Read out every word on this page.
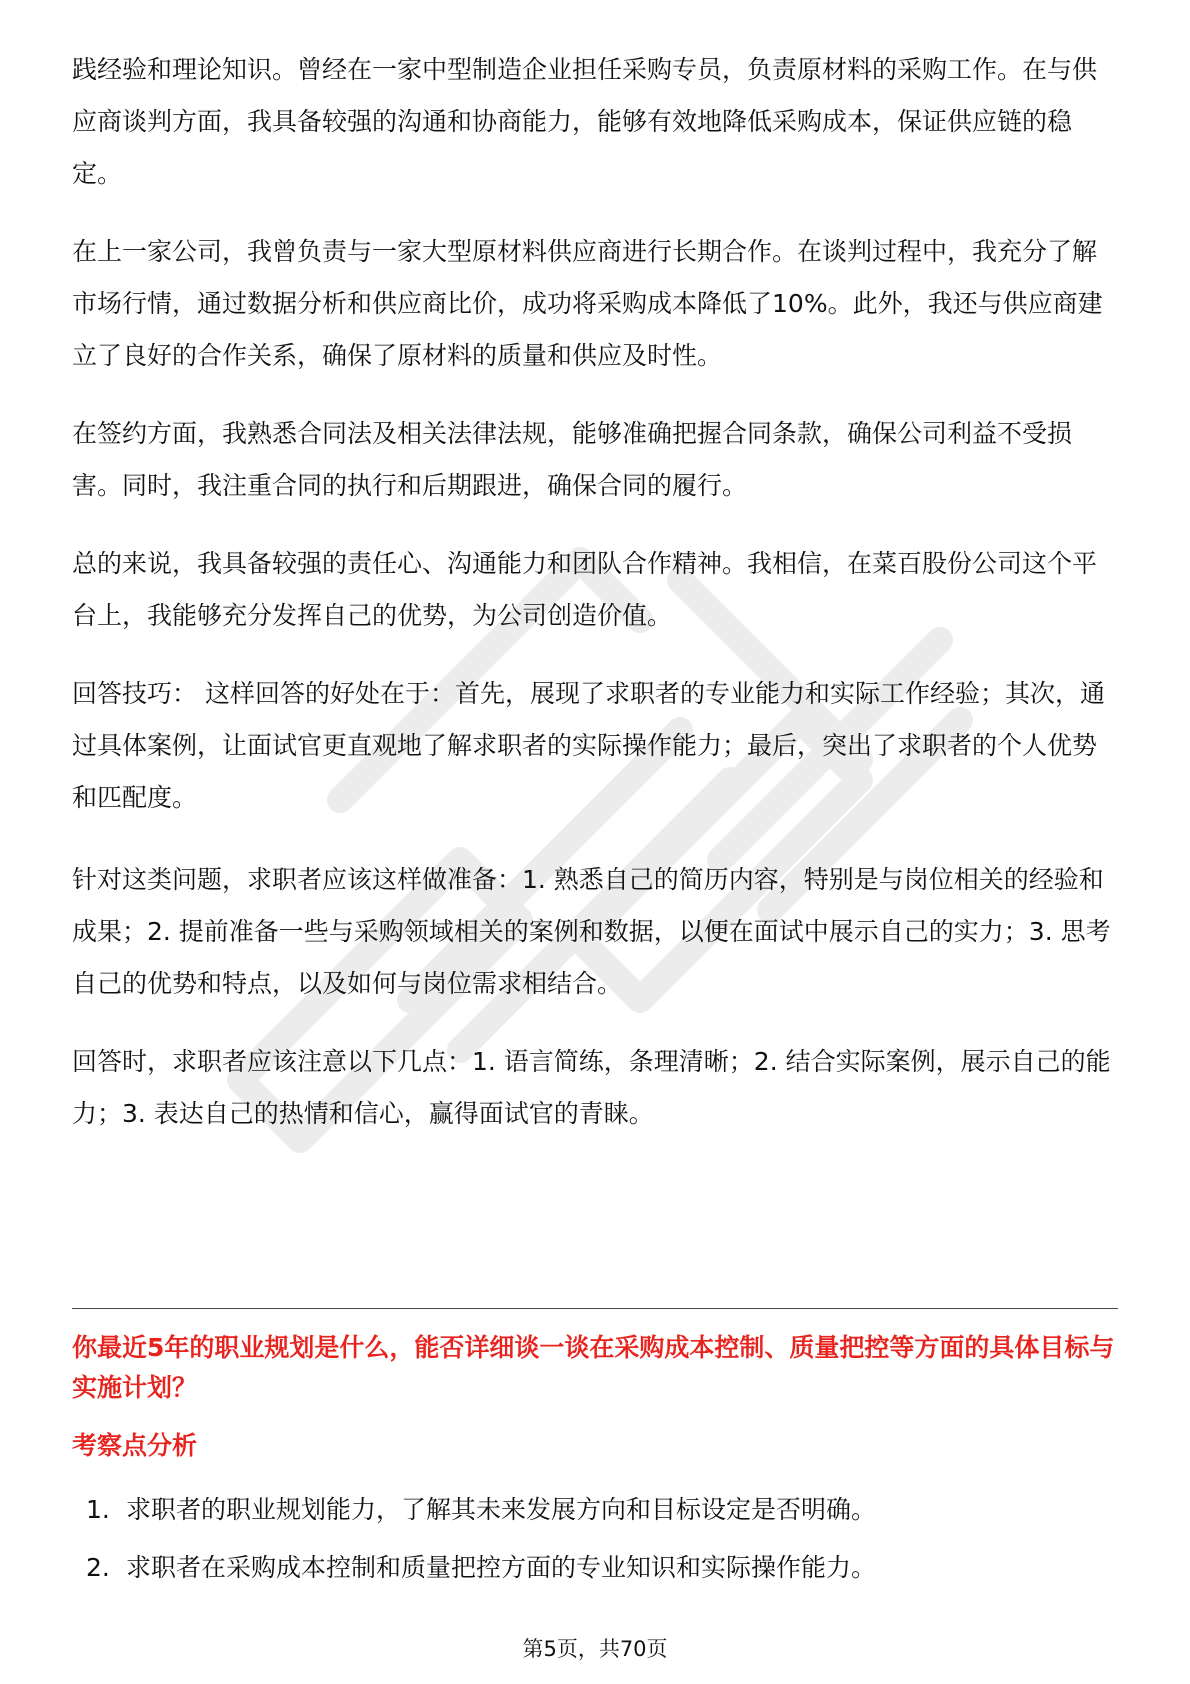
践经验和理论知识。曾经在一家中型制造企业担任采购专员，负责原材料的采购工作。在与供应商谈判方面，我具备较强的沟通和协商能力，能够有效地降低采购成本，保证供应链的稳定。

在上一家公司，我曾负责与一家大型原材料供应商进行长期合作。在谈判过程中，我充分了解市场行情，通过数据分析和供应商比价，成功将采购成本降低了10%。此外，我还与供应商建立了良好的合作关系，确保了原材料的质量和供应及时性。

在签约方面，我熟悉合同法及相关法律法规，能够准确把握合同条款，确保公司利益不受损害。同时，我注重合同的执行和后期跟进，确保合同的履行。

总的来说，我具备较强的责任心、沟通能力和团队合作精神。我相信，在菜百股份公司这个平台上，我能够充分发挥自己的优势，为公司创造价值。

回答技巧： 这样回答的好处在于：首先，展现了求职者的专业能力和实际工作经验；其次，通过具体案例，让面试官更直观地了解求职者的实际操作能力；最后，突出了求职者的个人优势和匹配度。

针对这类问题，求职者应该这样做准备：1. 熟悉自己的简历内容，特别是与岗位相关的经验和成果；2. 提前准备一些与采购领域相关的案例和数据，以便在面试中展示自己的实力；3. 思考自己的优势和特点，以及如何与岗位需求相结合。

回答时，求职者应该注意以下几点：1. 语言简练，条理清晰；2. 结合实际案例，展示自己的能力；3. 表达自己的热情和信心，赢得面试官的青睐。

你最近5年的职业规划是什么，能否详细谈一谈在采购成本控制、质量把控等方面的具体目标与实施计划？
考察点分析
1. 求职者的职业规划能力，了解其未来发展方向和目标设定是否明确。
2. 求职者在采购成本控制和质量把控方面的专业知识和实际操作能力。
第5页，共70页
